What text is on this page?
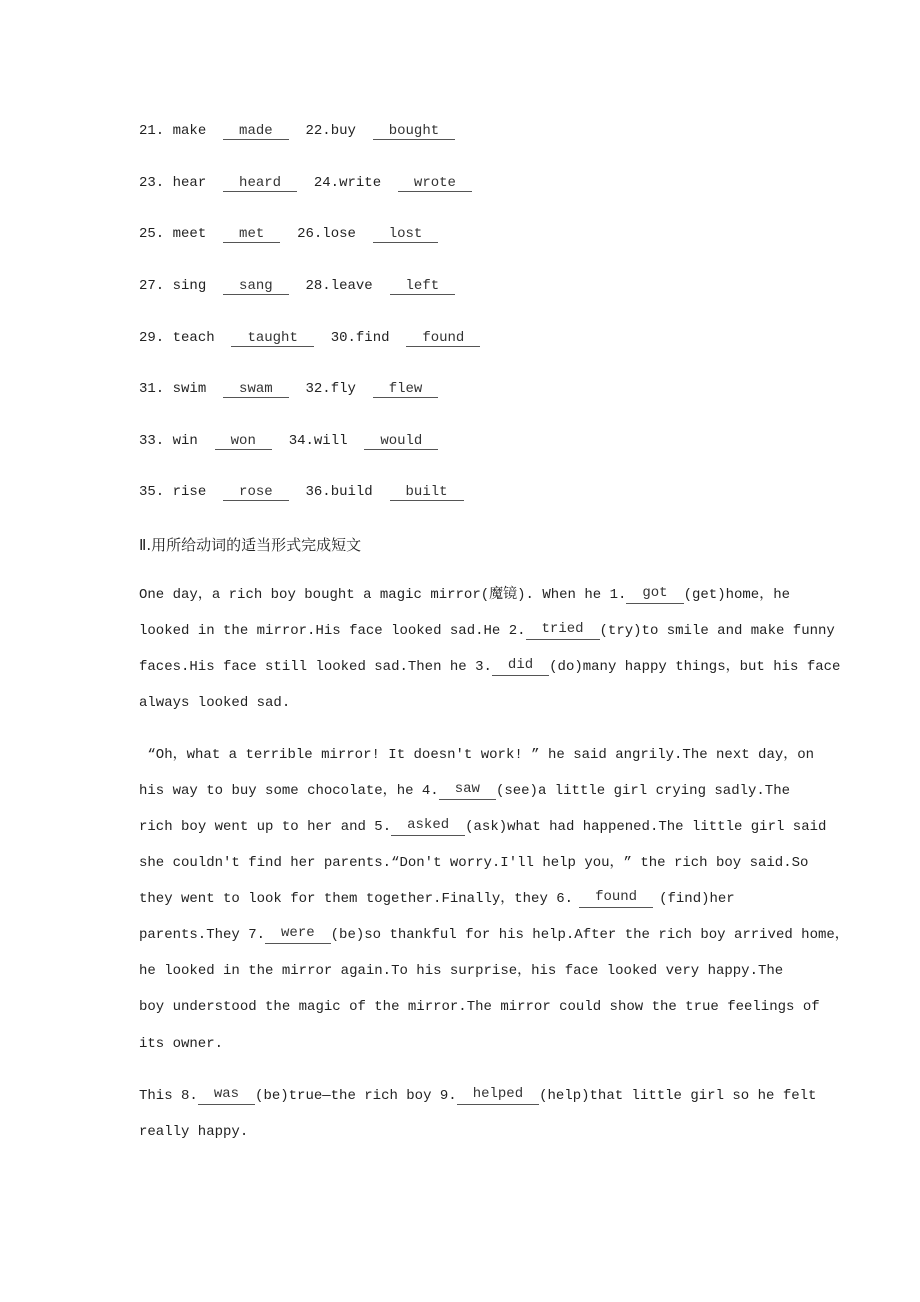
21. make made 22.buy bought
23. hear heard 24.write wrote
25. meet met 26.lose lost
27. sing sang 28.leave left
29. teach taught 30.find found
31. swim swam 32.fly flew
33. win won 34.will would
35. rise rose 36.build built
Ⅱ.用所给动词的适当形式完成短文
One day， a rich boy bought a magic mirror(魔镜). When he 1.	got	(get)home， he
looked in the mirror.His face looked sad.He 2.	tried	(try)to smile and make funny
faces.His face still looked sad.Then he 3.	did	(do)many happy things， but his face
always looked sad.

“Oh， what a terrible mirror! It doesn't work! ” he said angrily.The next day， on
his way to buy some chocolate， he 4.	saw	(see)a little girl crying sadly.The
rich boy went up to her and 5.	asked	(ask)what had happened.The little girl said
she couldn't find her parents.“Don't worry.I'll help you， ” the rich boy said.So
they went to look for them together.Finally，they 6.	found	(find)her
parents.They 7.	were	(be)so thankful for his help.After the rich boy arrived home，
he looked in the mirror again.To his surprise， his face looked very happy.The
boy understood the magic of the mirror.The mirror could show the true feelings of
its owner.
This 8.	was	(be)true—the rich boy 9.	helped	(help)that little girl so he felt
really happy.
